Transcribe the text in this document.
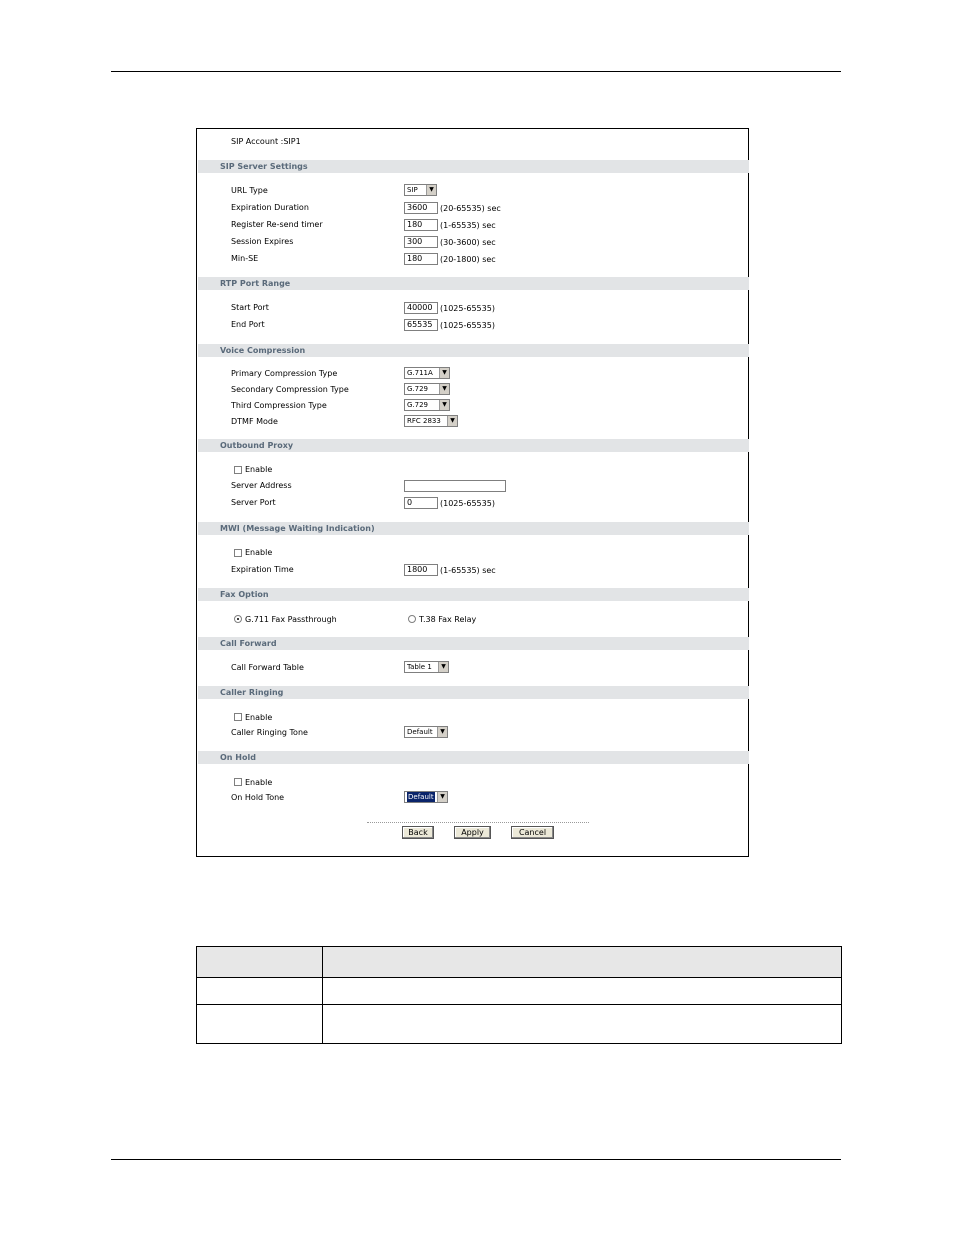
SIP Account :SIP1
SIP Server Settings
URL Type	SIP	▼
Expiration Duration	3600	(20-65535) sec
Register Re-send timer	180	(1-65535) sec
Session Expires	300	(30-3600) sec
Min-SE	180	(20-1800) sec
RTP Port Range
Start Port	40000 (1025-65535)
End Port	65535 (1025-65535)
Voice Compression
Primary Compression Type	G.711A	▼
Secondary Compression Type	G.729	▼
Third Compression Type	G.729	▼
DTMF Mode	RFC 2833	▼
Outbound Proxy
Enable
Server Address
Server Port	0	(1025-65535)
MWI (Message Waiting Indication)
Enable
Expiration Time	1800	(1-65535) sec
Fax Option
G.711 Fax Passthrough	T.38 Fax Relay
Call Forward
Call Forward Table	Table 1	▼
Caller Ringing
Enable
Caller Ringing Tone	Default	▼
On Hold
Enable
On Hold Tone	Default	▼
Back	Apply	Cancel
